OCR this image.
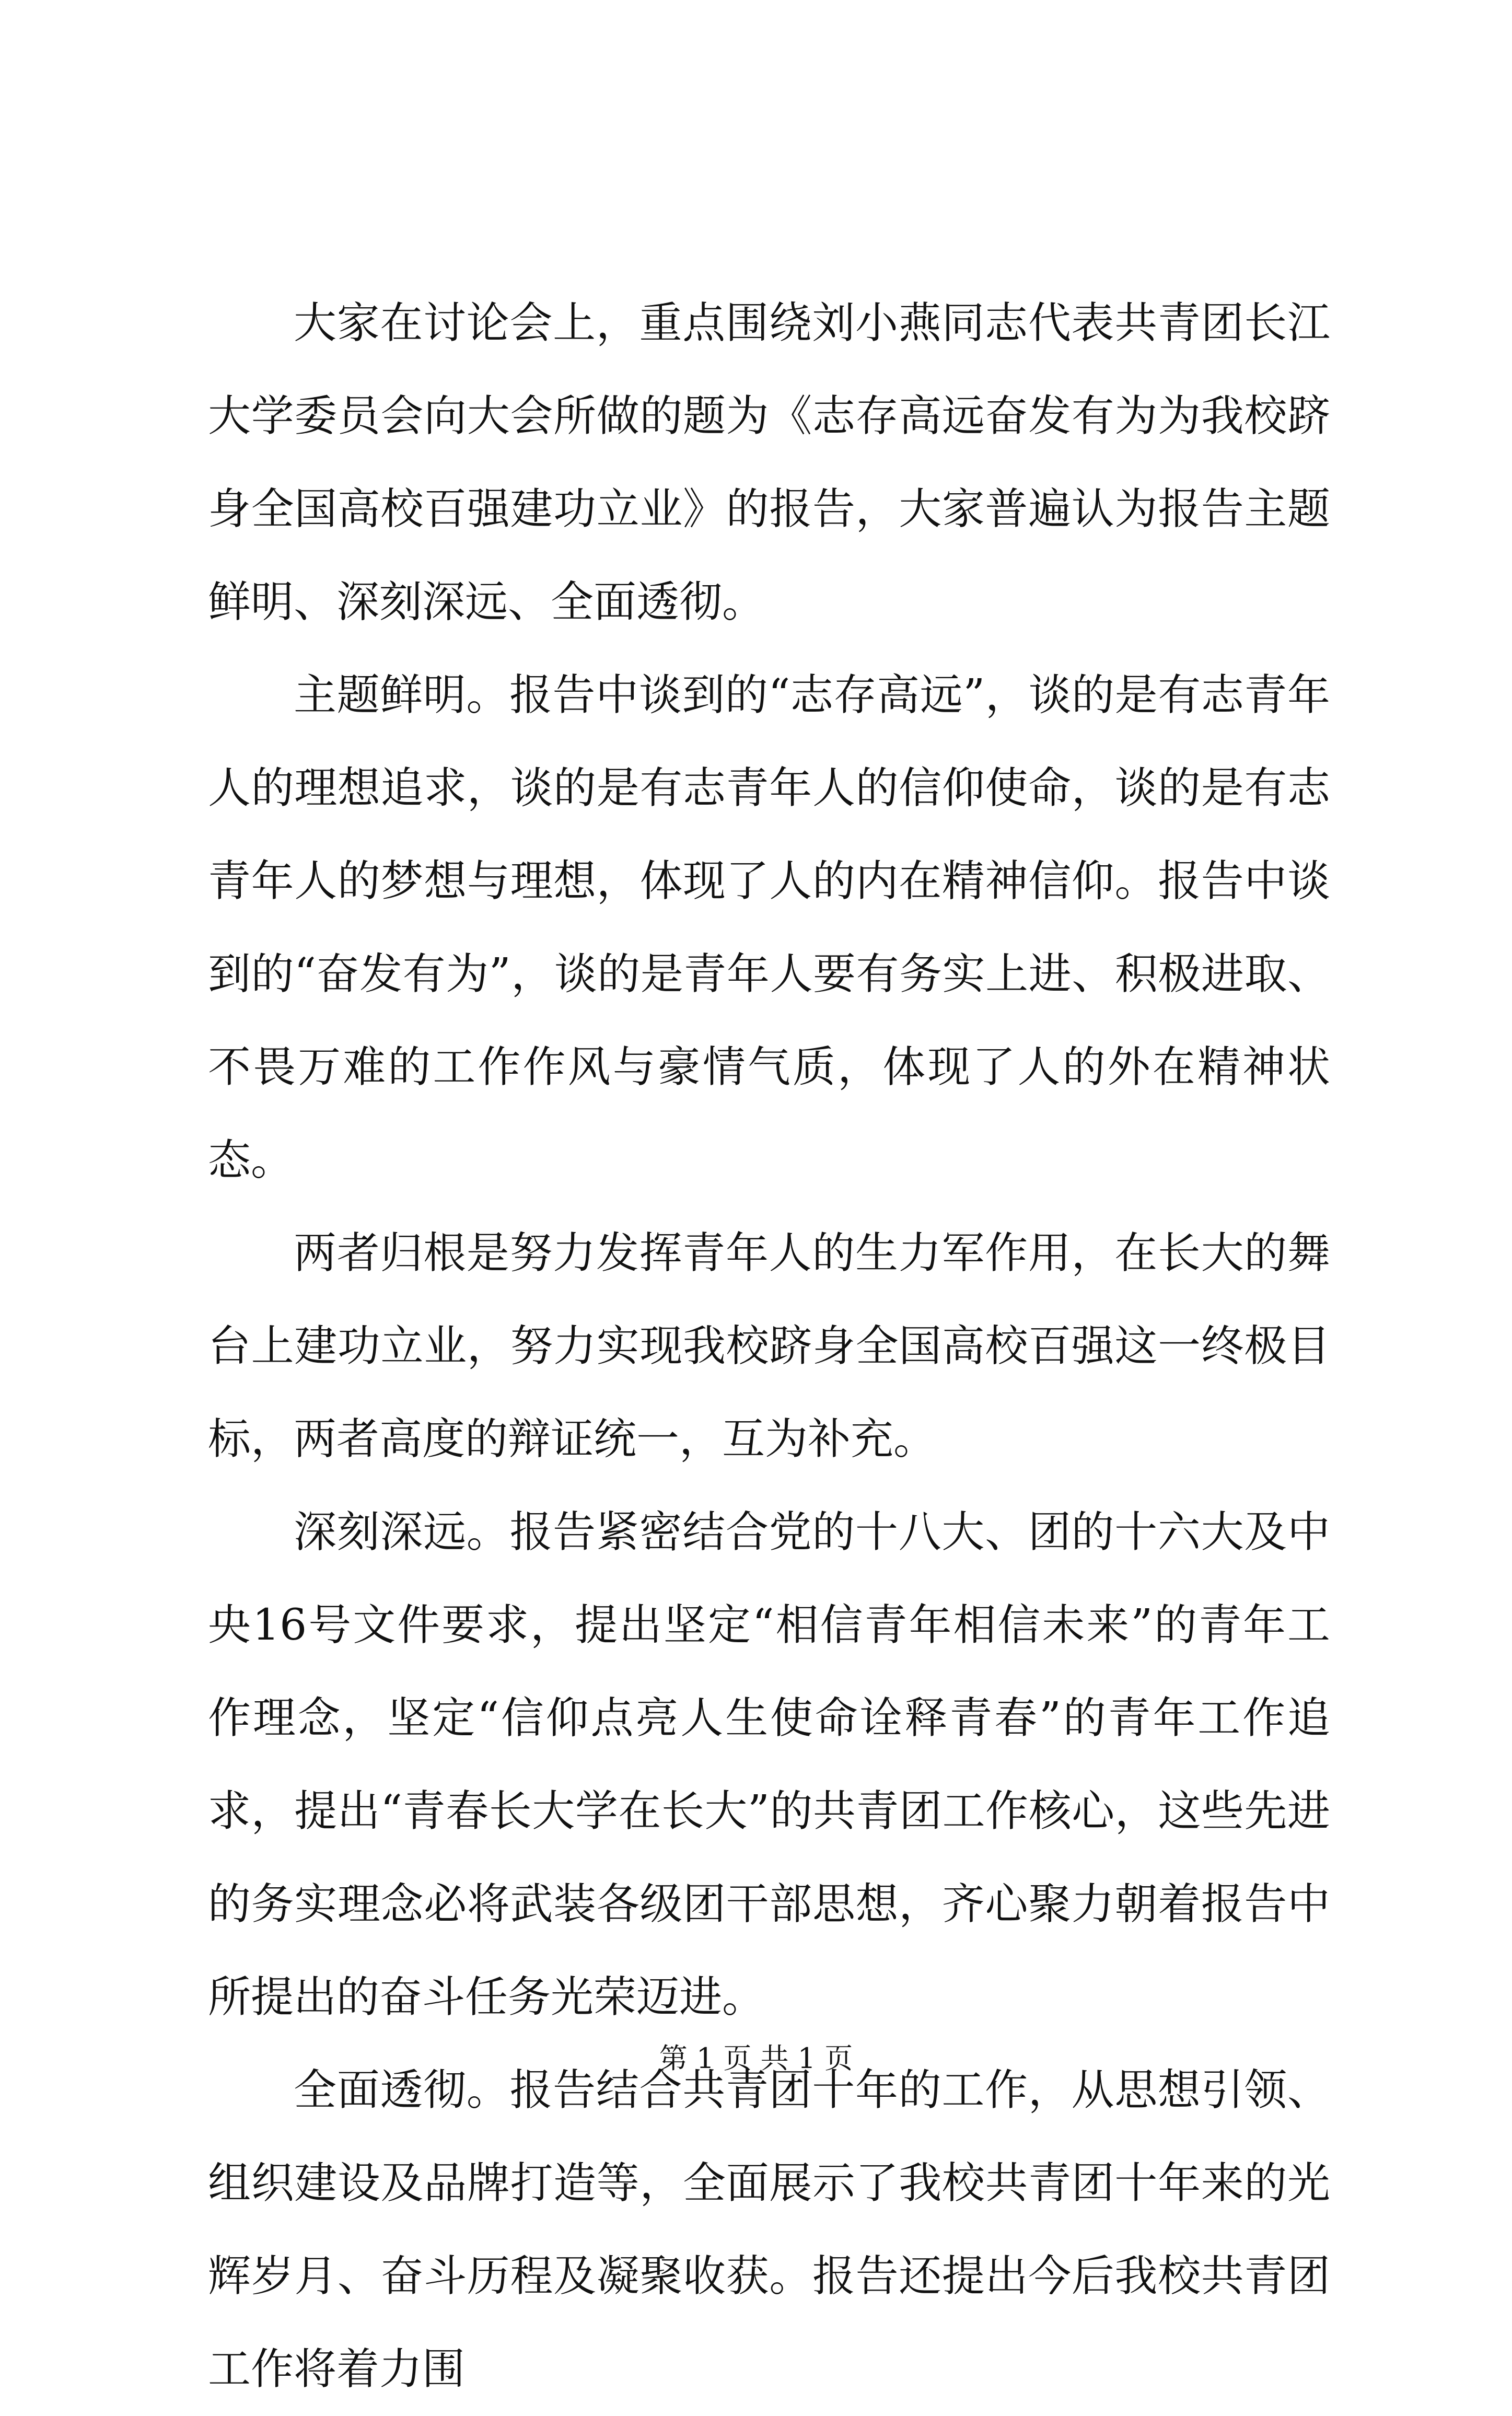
大家在讨论会上，重点围绕刘小燕同志代表共青团长江大学委员会向大会所做的题为《志存高远奋发有为为我校跻身全国高校百强建功立业》的报告，大家普遍认为报告主题鲜明、深刻深远、全面透彻。

主题鲜明。报告中谈到的“志存高远”，谈的是有志青年人的理想追求，谈的是有志青年人的信仰使命，谈的是有志青年人的梦想与理想，体现了人的内在精神信仰。报告中谈到的“奋发有为”，谈的是青年人要有务实上进、积极进取、不畏万难的工作作风与豪情气质，体现了人的外在精神状态。

两者归根是努力发挥青年人的生力军作用，在长大的舞台上建功立业，努力实现我校跻身全国高校百强这一终极目标，两者高度的辩证统一，互为补充。

深刻深远。报告紧密结合党的十八大、团的十六大及中央16号文件要求，提出坚定“相信青年相信未来”的青年工作理念，坚定“信仰点亮人生使命诠释青春”的青年工作追求，提出“青春长大学在长大”的共青团工作核心，这些先进的务实理念必将武装各级团干部思想，齐心聚力朝着报告中所提出的奋斗任务光荣迈进。

全面透彻。报告结合共青团十年的工作，从思想引领、组织建设及品牌打造等，全面展示了我校共青团十年来的光辉岁月、奋斗历程及凝聚收获。报告还提出今后我校共青团工作将着力围

第 1 页 共 1 页
